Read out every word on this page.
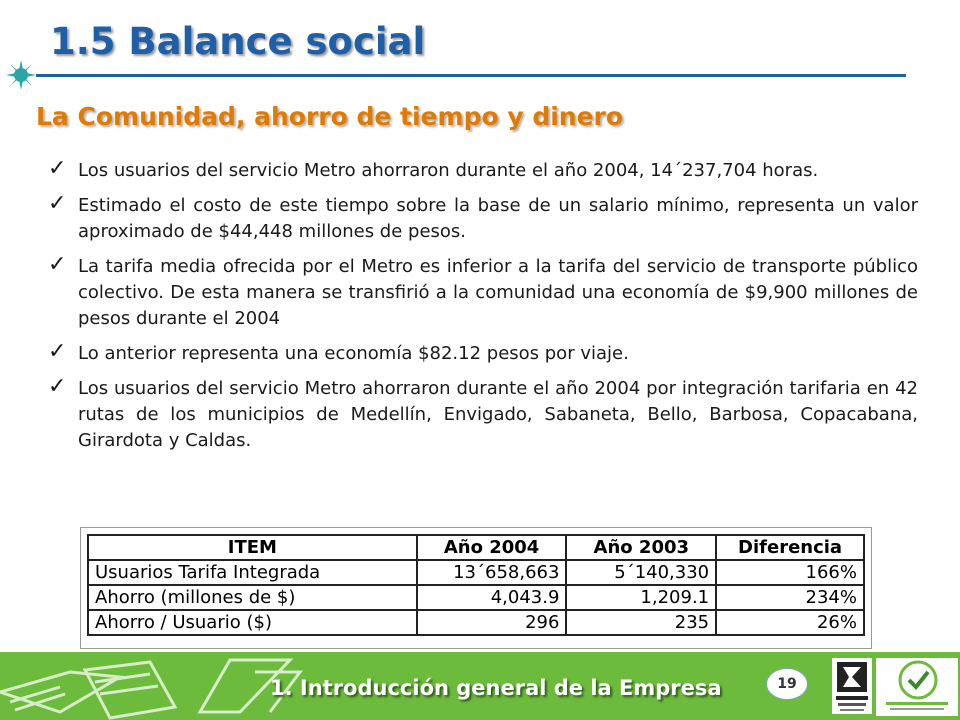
1.5 Balance social
La Comunidad, ahorro de tiempo y dinero
✓ Los usuarios del servicio Metro ahorraron durante el año 2004, 14´237,704 horas.
✓ Estimado el costo de este tiempo sobre la base de un salario mínimo, representa un valor aproximado de $44,448 millones de pesos.
✓ La tarifa media ofrecida por el Metro es inferior a la tarifa del servicio de transporte público colectivo. De esta manera se transfirió a la comunidad una economía de $9,900 millones de pesos durante el 2004
✓ Lo anterior representa una economía $82.12 pesos por viaje.
✓ Los usuarios del servicio Metro ahorraron durante el año 2004 por integración tarifaria en 42 rutas de los municipios de Medellín, Envigado, Sabaneta, Bello, Barbosa, Copacabana, Girardota y Caldas.
ITEM	Año 2004	Año 2003	Diferencia
Usuarios Tarifa Integrada	13´658,663	5´140,330	166%
Ahorro (millones de $)	4,043.9	1,209.1	234%
Ahorro / Usuario ($)	296	235	26%
1. Introducción general de la Empresa	19
